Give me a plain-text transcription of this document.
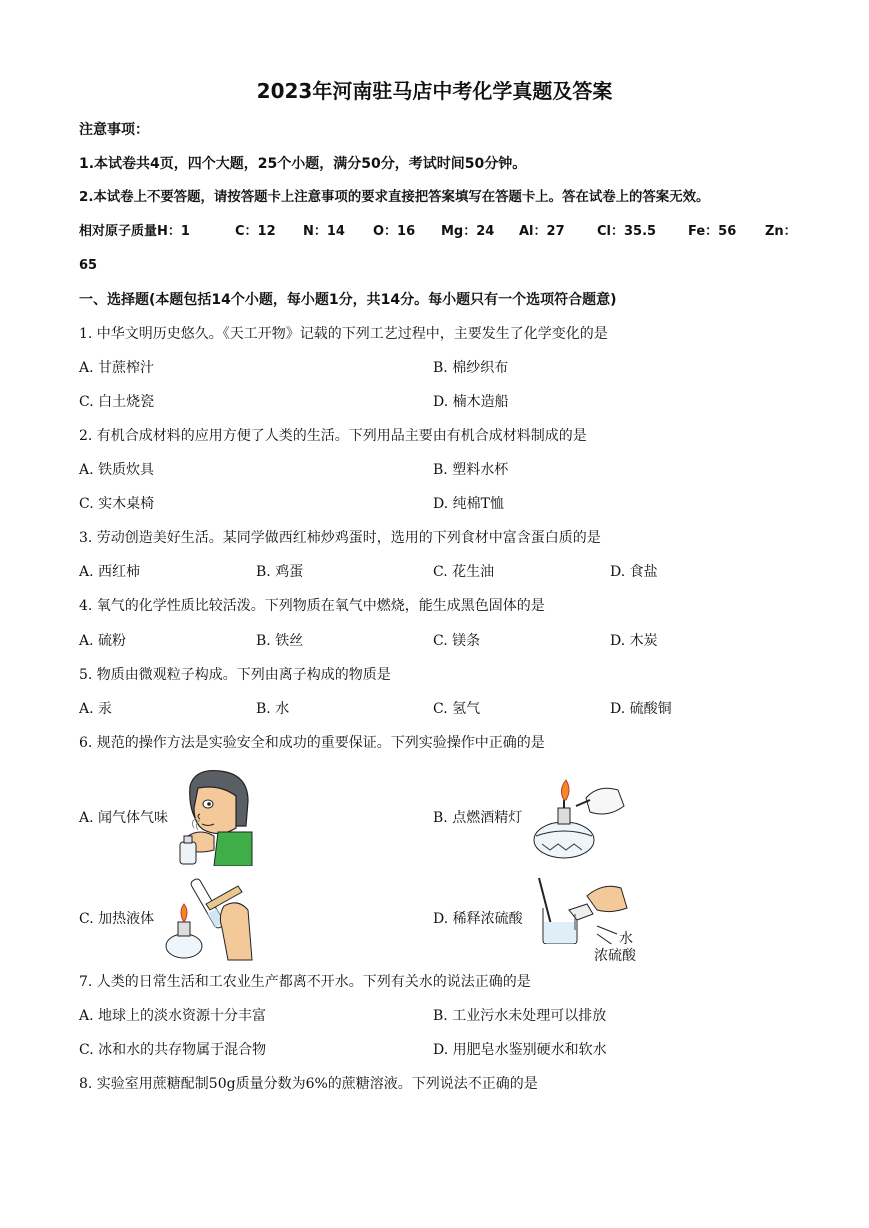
2023年河南驻马店中考化学真题及答案
注意事项：
1.本试卷共4页，四个大题，25个小题，满分50分，考试时间50分钟。
2.本试卷上不要答题，请按答题卡上注意事项的要求直接把答案填写在答题卡上。答在试卷上的答案无效。
相对原子质量H：1	C：12 N：14 O：16 Mg：24 Al：27 Cl：35.5 Fe：56 Zn：
65
一、选择题(本题包括14个小题，每小题1分，共14分。每小题只有一个选项符合题意)
1. 中华文明历史悠久。《天工开物》记载的下列工艺过程中，主要发生了化学变化的是
A. 甘蔗榨汁	B. 棉纱织布
C. 白土烧瓷	D. 楠木造船
2. 有机合成材料的应用方便了人类的生活。下列用品主要由有机合成材料制成的是
A. 铁质炊具	B. 塑料水杯
C. 实木桌椅	D. 纯棉T恤
3. 劳动创造美好生活。某同学做西红柿炒鸡蛋时，选用的下列食材中富含蛋白质的是
A. 西红柿	B. 鸡蛋	C. 花生油	D. 食盐
4. 氧气的化学性质比较活泼。下列物质在氧气中燃烧，能生成黑色固体的是
A. 硫粉	B. 铁丝	C. 镁条	D. 木炭
5. 物质由微观粒子构成。下列由离子构成的物质是
A. 汞	B. 水	C. 氢气	D. 硫酸铜
6. 规范的操作方法是实验安全和成功的重要保证。下列实验操作中正确的是
A. 闻气体气味	B. 点燃酒精灯
C. 加热液体	D. 稀释浓硫酸
水
浓硫酸
7. 人类的日常生活和工农业生产都离不开水。下列有关水的说法正确的是
A. 地球上的淡水资源十分丰富	B. 工业污水未处理可以排放
C. 冰和水的共存物属于混合物	D. 用肥皂水鉴别硬水和软水
8. 实验室用蔗糖配制50g质量分数为6%的蔗糖溶液。下列说法不正确的是
